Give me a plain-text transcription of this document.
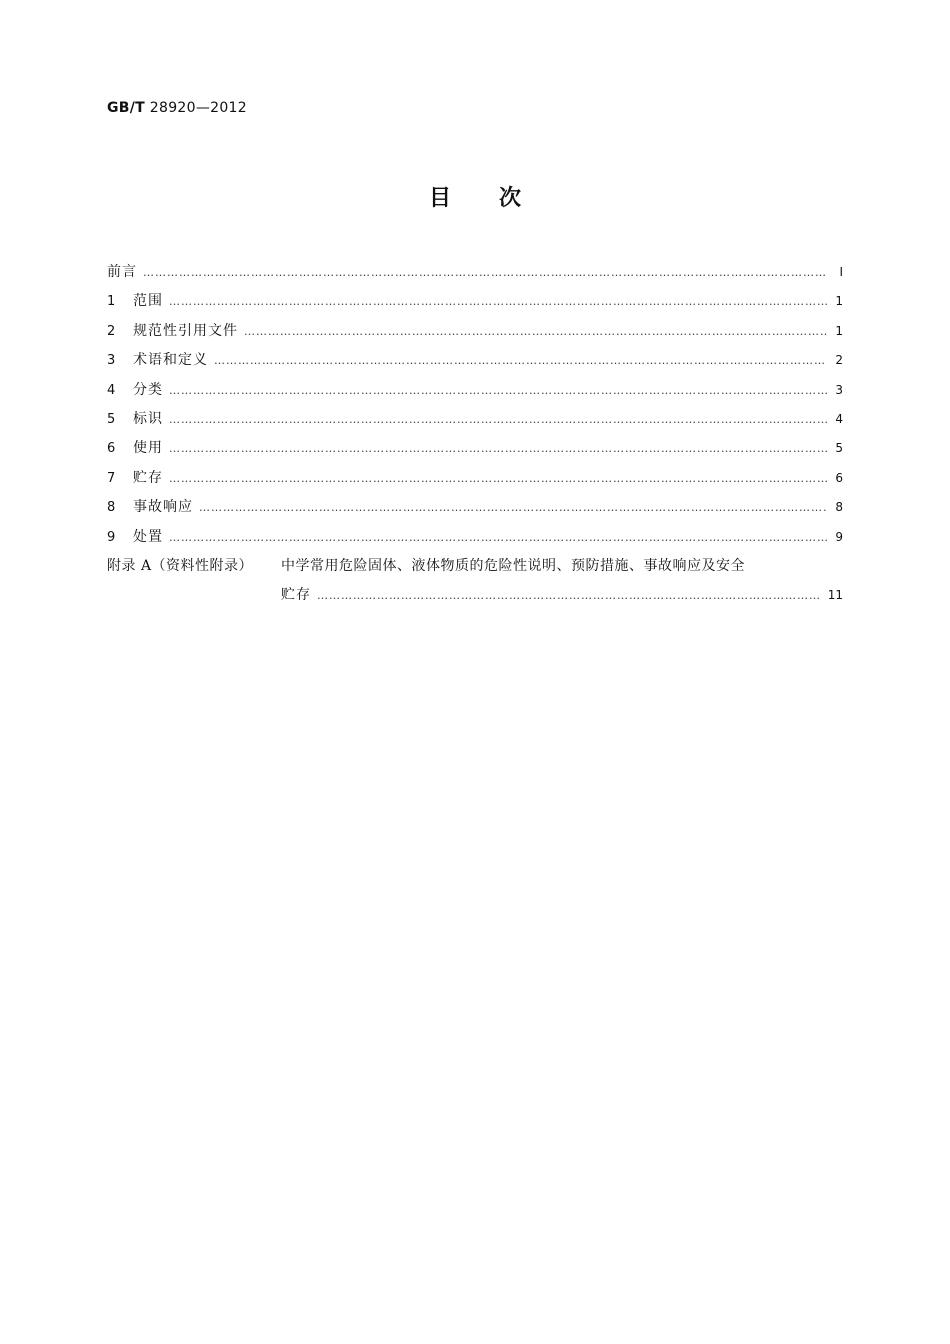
GB/T 28920—2012
目 次
前言 ………………………………………………………………………………………………………………………………………………………………………………………………………………	Ⅰ
1	范围 ………………………………………………………………………………………………………………………………………………………………………………………………………………	1
2	规范性引用文件 ………………………………………………………………………………………………………………………………………………………………………………………………………………	1
3	术语和定义 ………………………………………………………………………………………………………………………………………………………………………………………………………………	2
4	分类 ………………………………………………………………………………………………………………………………………………………………………………………………………………	3
5	标识 ………………………………………………………………………………………………………………………………………………………………………………………………………………	4
6	使用 ………………………………………………………………………………………………………………………………………………………………………………………………………………	5
7	贮存 ………………………………………………………………………………………………………………………………………………………………………………………………………………	6
8	事故响应 ………………………………………………………………………………………………………………………………………………………………………………………………………………	8
9	处置 ………………………………………………………………………………………………………………………………………………………………………………………………………………	9
附录 A（资料性附录）	中学常用危险固体、液体物质的危险性说明、预防措施、事故响应及安全
贮存 ………………………………………………………………………………………………………………………………………………………………………………………………………………	11
